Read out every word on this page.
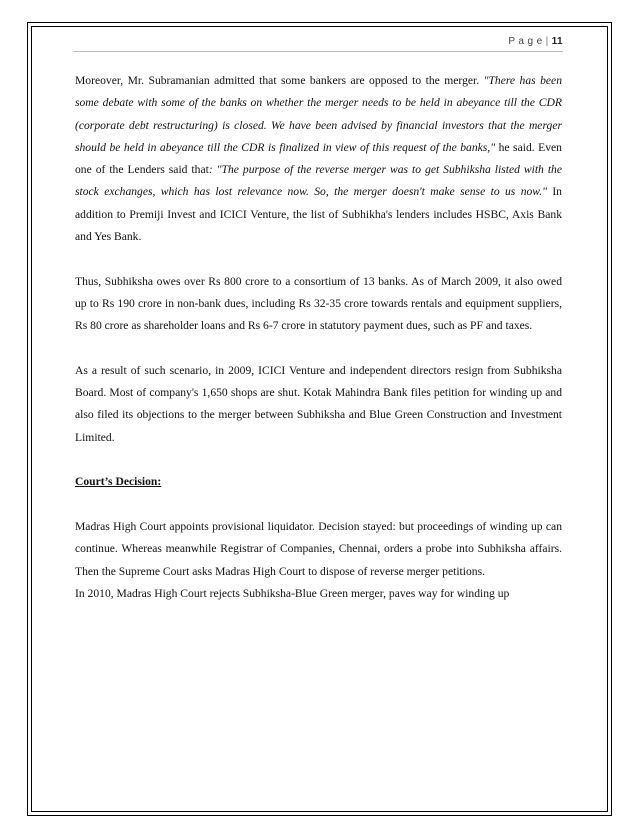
P a g e | 11

Moreover, Mr. Subramanian admitted that some bankers are opposed to the merger. "There has been some debate with some of the banks on whether the merger needs to be held in abeyance till the CDR (corporate debt restructuring) is closed. We have been advised by financial investors that the merger should be held in abeyance till the CDR is finalized in view of this request of the banks," he said. Even one of the Lenders said that: "The purpose of the reverse merger was to get Subhiksha listed with the stock exchanges, which has lost relevance now. So, the merger doesn't make sense to us now." In addition to Premiji Invest and ICICI Venture, the list of Subhikha's lenders includes HSBC, Axis Bank and Yes Bank.

Thus, Subhiksha owes over Rs 800 crore to a consortium of 13 banks. As of March 2009, it also owed up to Rs 190 crore in non-bank dues, including Rs 32-35 crore towards rentals and equipment suppliers, Rs 80 crore as shareholder loans and Rs 6-7 crore in statutory payment dues, such as PF and taxes.

As a result of such scenario, in 2009, ICICI Venture and independent directors resign from Subhiksha Board. Most of company's 1,650 shops are shut. Kotak Mahindra Bank files petition for winding up and also filed its objections to the merger between Subhiksha and Blue Green Construction and Investment Limited.

Court’s Decision:

Madras High Court appoints provisional liquidator. Decision stayed: but proceedings of winding up can continue. Whereas meanwhile Registrar of Companies, Chennai, orders a probe into Subhiksha affairs. Then the Supreme Court asks Madras High Court to dispose of reverse merger petitions.

In 2010, Madras High Court rejects Subhiksha-Blue Green merger, paves way for winding up
